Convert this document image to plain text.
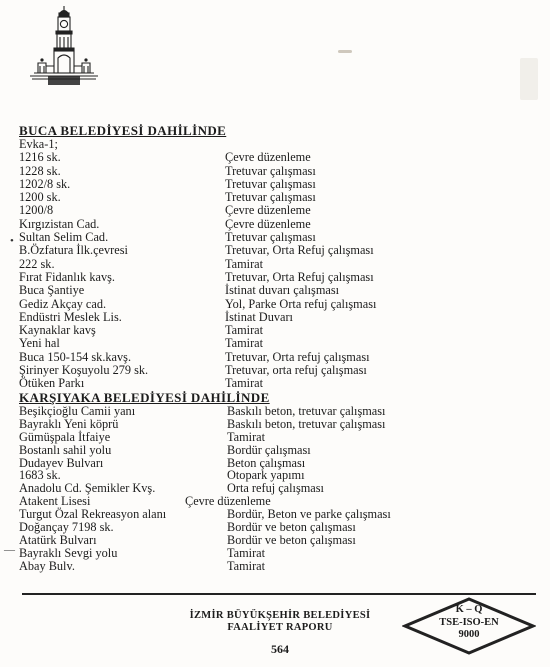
BUCA BELEDİYESİ DAHİLİNDE
Evka-1;
1216 sk.	Çevre düzenleme
1228 sk.	Tretuvar çalışması
1202/8 sk.	Tretuvar çalışması
1200 sk.	Tretuvar çalışması
1200/8	Çevre düzenleme
Kırgızistan Cad.	Çevre düzenleme
Sultan Selim Cad.	Tretuvar çalışması
B.Özfatura İlk.çevresi	Tretuvar, Orta Refuj çalışması
222 sk.	Tamirat
Fırat Fidanlık kavş.	Tretuvar, Orta Refuj çalışması
Buca Şantiye	İstinat duvarı çalışması
Gediz Akçay cad.	Yol, Parke Orta refuj çalışması
Endüstri Meslek Lis.	İstinat Duvarı
Kaynaklar kavş	Tamirat
Yeni hal	Tamirat
Buca 150-154 sk.kavş.	Tretuvar, Orta refuj çalışması
Şirinyer Koşuyolu 279 sk.	Tretuvar, orta refuj çalışması
Ötüken Parkı	Tamirat
•
KARŞIYAKA BELEDİYESİ DAHİLİNDE
Beşikçioğlu Camii yanı	Baskılı beton, tretuvar çalışması
Bayraklı Yeni köprü	Baskılı beton, tretuvar çalışması
Gümüşpala İtfaiye	Tamirat
Bostanlı sahil yolu	Bordür çalışması
Dudayev Bulvarı	Beton çalışması
1683 sk.	Otopark yapımı
Anadolu Cd. Şemikler Kvş.	Orta refuj çalışması
Atakent Lisesi	Çevre düzenleme
Turgut Özal Rekreasyon alanı	Bordür, Beton ve parke çalışması
Doğançay 7198 sk.	Bordür ve beton çalışması
Atatürk Bulvarı	Bordür ve beton çalışması
Bayraklı Sevgi yolu	Tamirat
Abay Bulv.	Tamirat
—
İZMİR BÜYÜKŞEHİR BELEDİYESİ
FAALİYET RAPORU
564
K – Q
TSE-ISO-EN
9000
